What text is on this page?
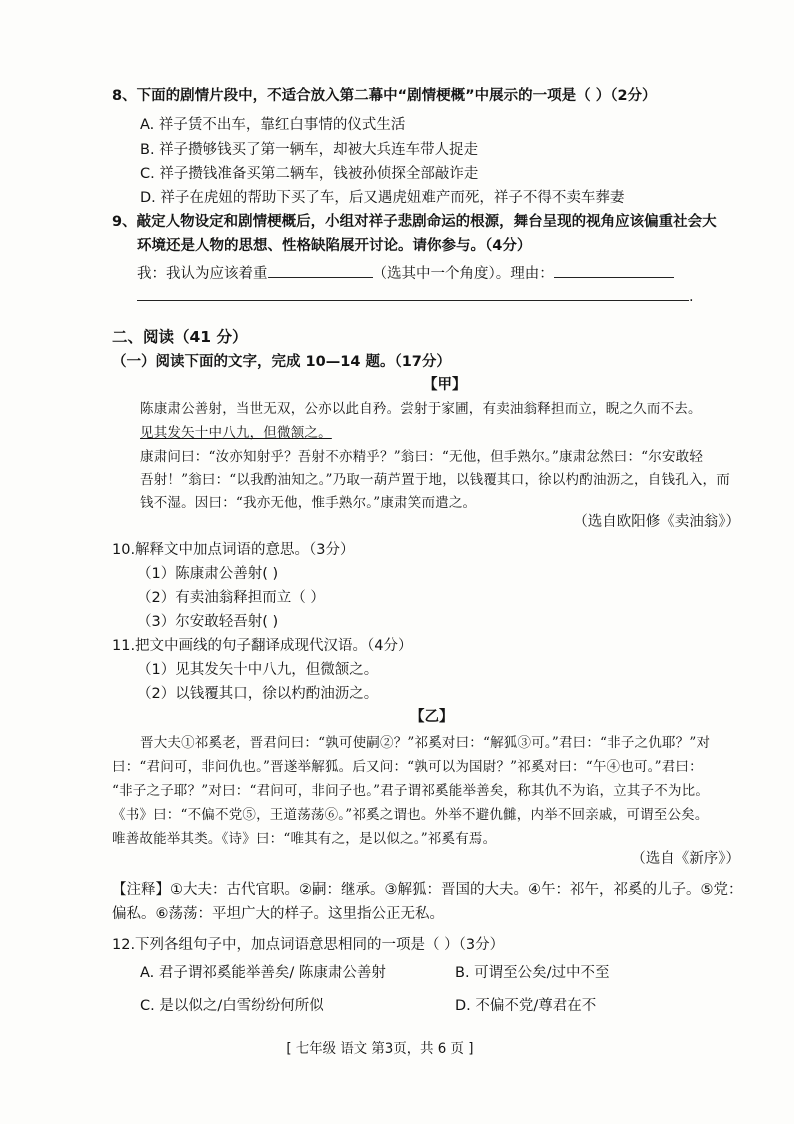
8、下面的剧情片段中，不适合放入第二幕中“剧情梗概”中展示的一项是（ ）（2分）
A. 祥子赁不出车，靠红白事情的仪式生活
B. 祥子攒够钱买了第一辆车，却被大兵连车带人捉走
C. 祥子攒钱准备买第二辆车，钱被孙侦探全部敲诈走
D. 祥子在虎妞的帮助下买了车，后又遇虎妞难产而死，祥子不得不卖车葬妻
9、敲定人物设定和剧情梗概后，小组对祥子悲剧命运的根源，舞台呈现的视角应该偏重社会大
环境还是人物的思想、性格缺陷展开讨论。请你参与。（4分）
我：我认为应该着重	（选其中一个角度）。理由：
.
二、阅读（41 分）
（一）阅读下面的文字，完成 10—14 题。（17分）
【甲】
陈康肃公善射，当世无双，公亦以此自矜。尝射于家圃，有卖油翁释担而立，睨之久而不去。
见其发矢十中八九，但微颔之。
康肃问曰：“汝亦知射乎？吾射不亦精乎？”翁曰：“无他，但手熟尔。”康肃忿然曰：“尔安敢轻
吾射！”翁曰：“以我酌油知之。”乃取一葫芦置于地，以钱覆其口，徐以杓酌油沥之，自钱孔入，而
钱不湿。因曰：“我亦无他，惟手熟尔。”康肃笑而遣之。
（选自欧阳修《卖油翁》）
10.解释文中加点词语的意思。（3分）
（1）陈康肃公善射( )
（2）有卖油翁释担而立（ ）
（3）尔安敢轻吾射( )
11.把文中画线的句子翻译成现代汉语。（4分）
（1）见其发矢十中八九，但微颔之。
（2）以钱覆其口，徐以杓酌油沥之。
【乙】
晋大夫①祁奚老，晋君问曰：“孰可使嗣②？”祁奚对曰：“解狐③可。”君曰：“非子之仇耶？”对
曰：“君问可，非问仇也。”晋遂举解狐。后又问：“孰可以为国尉？”祁奚对曰：“午④也可。”君曰：
“非子之子耶？”对曰：“君问可，非问子也。”君子谓祁奚能举善矣，称其仇不为谄，立其子不为比。
《书》曰：“不偏不党⑤，王道荡荡⑥。”祁奚之谓也。外举不避仇雠，内举不回亲戚，可谓至公矣。
唯善故能举其类。《诗》曰：“唯其有之，是以似之。”祁奚有焉。
（选自《新序》）
【注释】①大夫：古代官职。②嗣：继承。③解狐：晋国的大夫。④午：祁午，祁奚的儿子。⑤党：
偏私。⑥荡荡：平坦广大的样子。这里指公正无私。
12.下列各组句子中，加点词语意思相同的一项是（ ）（3分）
A. 君子谓祁奚能举善矣/ 陈康肃公善射	B. 可谓至公矣/过中不至
C. 是以似之/白雪纷纷何所似	D. 不偏不党/尊君在不
[ 七年级 语文 第3页，共 6 页 ]
